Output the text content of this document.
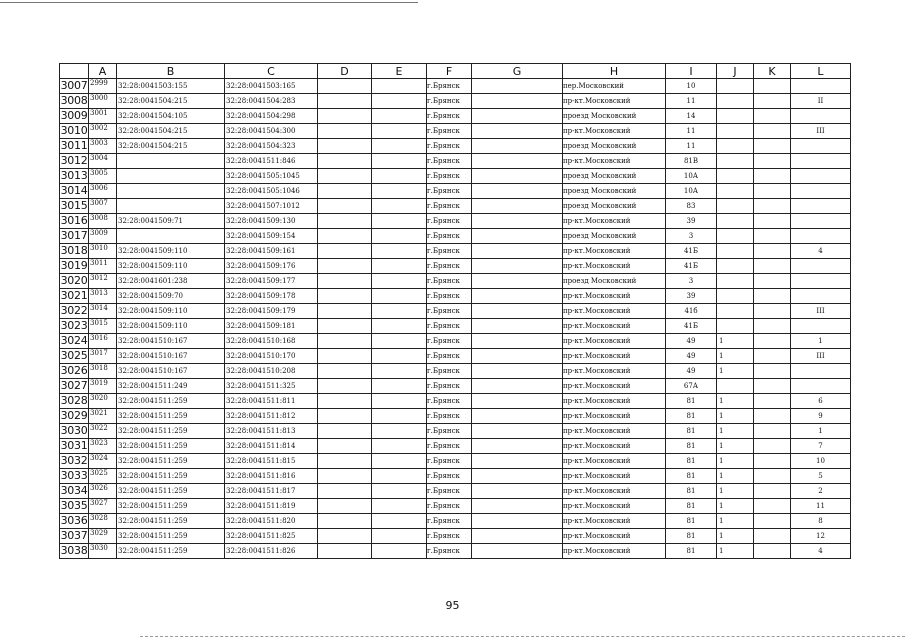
	A	B	C	D	E	F	G	H	I	J	K	L
3007	2999	32:28:0041503:155	32:28:0041503:165			г.Брянск		пер.Московский	10			
3008	3000	32:28:0041504:215	32:28:0041504:283			г.Брянск		пр-кт.Московский	11			II
3009	3001	32:28:0041504:105	32:28:0041504:298			г.Брянск		проезд Московский	14			
3010	3002	32:28:0041504:215	32:28:0041504:300			г.Брянск		пр-кт.Московский	11			III
3011	3003	32:28:0041504:215	32:28:0041504:323			г.Брянск		проезд Московский	11			
3012	3004		32:28:0041511:846			г.Брянск		пр-кт.Московский	81В			
3013	3005		32:28:0041505:1045			г.Брянск		проезд Московский	10А			
3014	3006		32:28:0041505:1046			г.Брянск		проезд Московский	10А			
3015	3007		32:28:0041507:1012			г.Брянск		проезд Московский	83			
3016	3008	32:28:0041509:71	32:28:0041509:130			г.Брянск		пр-кт.Московский	39			
3017	3009		32:28:0041509:154			г.Брянск		проезд Московский	3			
3018	3010	32:28:0041509:110	32:28:0041509:161			г.Брянск		пр-кт.Московский	41Б			4
3019	3011	32:28:0041509:110	32:28:0041509:176			г.Брянск		пр-кт.Московский	41Б			
3020	3012	32:28:0041601:238	32:28:0041509:177			г.Брянск		проезд Московский	3			
3021	3013	32:28:0041509:70	32:28:0041509:178			г.Брянск		пр-кт.Московский	39			
3022	3014	32:28:0041509:110	32:28:0041509:179			г.Брянск		пр-кт.Московский	41б			III
3023	3015	32:28:0041509:110	32:28:0041509:181			г.Брянск		пр-кт.Московский	41Б			
3024	3016	32:28:0041510:167	32:28:0041510:168			г.Брянск		пр-кт.Московский	49	1		1
3025	3017	32:28:0041510:167	32:28:0041510:170			г.Брянск		пр-кт.Московский	49	1		III
3026	3018	32:28:0041510:167	32:28:0041510:208			г.Брянск		пр-кт.Московский	49	1		
3027	3019	32:28:0041511:249	32:28:0041511:325			г.Брянск		пр-кт.Московский	67А			
3028	3020	32:28:0041511:259	32:28:0041511:811			г.Брянск		пр-кт.Московский	81	1		6
3029	3021	32:28:0041511:259	32:28:0041511:812			г.Брянск		пр-кт.Московский	81	1		9
3030	3022	32:28:0041511:259	32:28:0041511:813			г.Брянск		пр-кт.Московский	81	1		1
3031	3023	32:28:0041511:259	32:28:0041511:814			г.Брянск		пр-кт.Московский	81	1		7
3032	3024	32:28:0041511:259	32:28:0041511:815			г.Брянск		пр-кт.Московский	81	1		10
3033	3025	32:28:0041511:259	32:28:0041511:816			г.Брянск		пр-кт.Московский	81	1		5
3034	3026	32:28:0041511:259	32:28:0041511:817			г.Брянск		пр-кт.Московский	81	1		2
3035	3027	32:28:0041511:259	32:28:0041511:819			г.Брянск		пр-кт.Московский	81	1		11
3036	3028	32:28:0041511:259	32:28:0041511:820			г.Брянск		пр-кт.Московский	81	1		8
3037	3029	32:28:0041511:259	32:28:0041511:825			г.Брянск		пр-кт.Московский	81	1		12
3038	3030	32:28:0041511:259	32:28:0041511:826			г.Брянск		пр-кт.Московский	81	1		4
95
